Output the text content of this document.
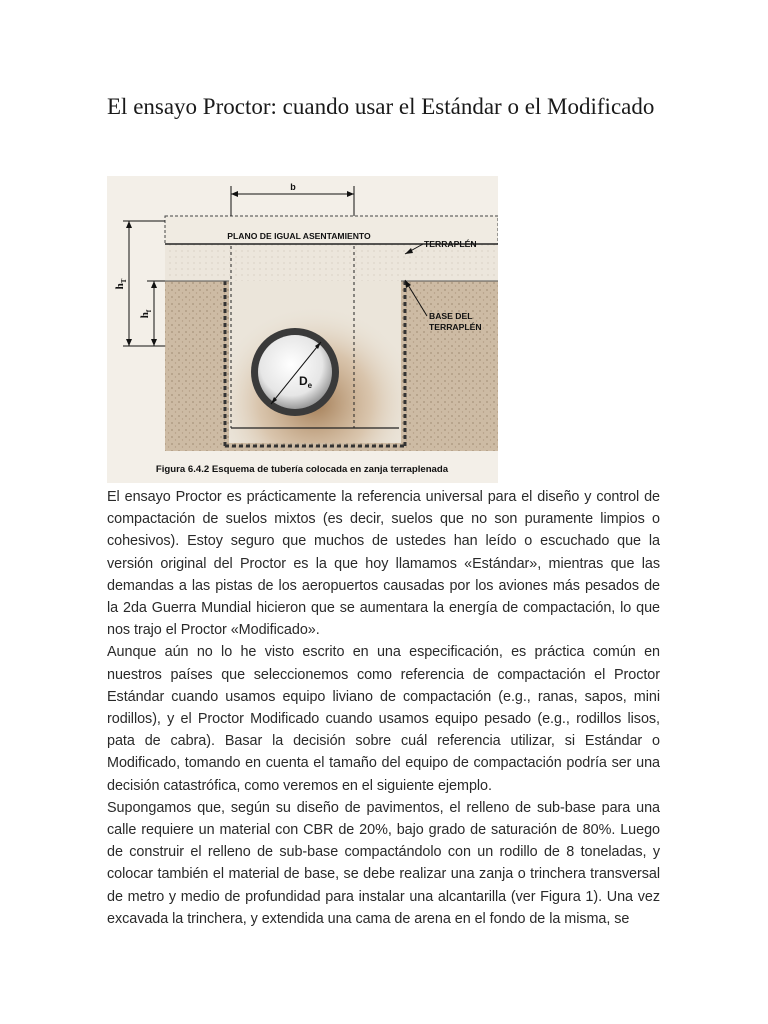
El ensayo Proctor: cuando usar el Estándar o el Modificado
PLANO DE IGUAL ASENTAMIENTO
b
$h_T$
$h_f$
TERRAPLÉN
BASE DEL
TERRAPLÉN
$D_e$
Figura 6.4.2 Esquema de tubería colocada en zanja terraplenada

El ensayo Proctor es prácticamente la referencia universal para el diseño y control de compactación de suelos mixtos (es decir, suelos que no son puramente limpios o cohesivos). Estoy seguro que muchos de ustedes han leído o escuchado que la versión original del Proctor es la que hoy llamamos «Estándar», mientras que las demandas a las pistas de los aeropuertos causadas por los aviones más pesados de la 2da Guerra Mundial hicieron que se aumentara la energía de compactación, lo que nos trajo el Proctor «Modificado».

Aunque aún no lo he visto escrito en una especificación, es práctica común en nuestros países que seleccionemos como referencia de compactación el Proctor Estándar cuando usamos equipo liviano de compactación (e.g., ranas, sapos, mini rodillos), y el Proctor Modificado cuando usamos equipo pesado (e.g., rodillos lisos, pata de cabra). Basar la decisión sobre cuál referencia utilizar, si Estándar o Modificado, tomando en cuenta el tamaño del equipo de compactación podría ser una decisión catastrófica, como veremos en el siguiente ejemplo.

Supongamos que, según su diseño de pavimentos, el relleno de sub-base para una calle requiere un material con CBR de 20%, bajo grado de saturación de 80%. Luego de construir el relleno de sub-base compactándolo con un rodillo de 8 toneladas, y colocar también el material de base, se debe realizar una zanja o trinchera transversal de metro y medio de profundidad para instalar una alcantarilla (ver Figura 1). Una vez excavada la trinchera, y extendida una cama de arena en el fondo de la misma, se
